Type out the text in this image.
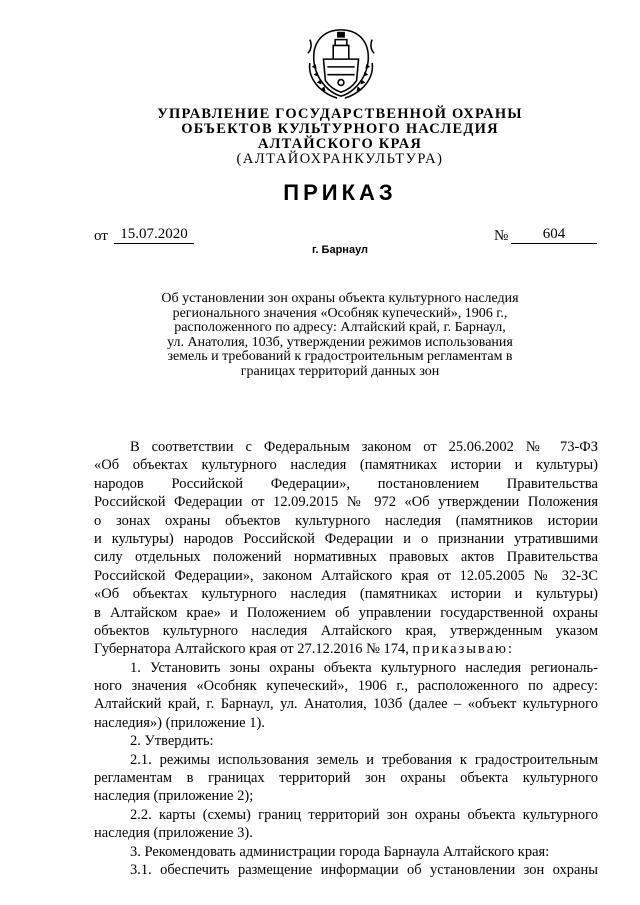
УПРАВЛЕНИЕ ГОСУДАРСТВЕННОЙ ОХРАНЫ
ОБЪЕКТОВ КУЛЬТУРНОГО НАСЛЕДИЯ
АЛТАЙСКОГО КРАЯ
(АЛТАЙОХРАНКУЛЬТУРА)
ПРИКАЗ
от 15.07.2020	№	604
г. Барнаул
Об установлении зон охраны объекта культурного наследия
регионального значения «Особняк купеческий», 1906 г.,
расположенного по адресу: Алтайский край, г. Барнаул,
ул. Анатолия, 103б, утверждении режимов использования
земель и требований к градостроительным регламентам в
границах территорий данных зон
В соответствии с Федеральным законом от 25.06.2002 № 73-ФЗ
«Об объектах культурного наследия (памятниках истории и культуры)
народов Российской Федерации», постановлением Правительства
Российской Федерации от 12.09.2015 № 972 «Об утверждении Положения
о зонах охраны объектов культурного наследия (памятников истории
и культуры) народов Российской Федерации и о признании утратившими
силу отдельных положений нормативных правовых актов Правительства
Российской Федерации», законом Алтайского края от 12.05.2005 № 32-ЗС
«Об объектах культурного наследия (памятниках истории и культуры)
в Алтайском крае» и Положением об управлении государственной охраны
объектов культурного наследия Алтайского края, утвержденным указом
Губернатора Алтайского края от 27.12.2016 № 174, приказываю:
1. Установить зоны охраны объекта культурного наследия региональ-
ного значения «Особняк купеческий», 1906 г., расположенного по адресу:
Алтайский край, г. Барнаул, ул. Анатолия, 103б (далее – «объект культурного
наследия») (приложение 1).
2. Утвердить:
2.1. режимы использования земель и требования к градостроительным
регламентам в границах территорий зон охраны объекта культурного
наследия (приложение 2);
2.2. карты (схемы) границ территорий зон охраны объекта культурного
наследия (приложение 3).
3. Рекомендовать администрации города Барнаула Алтайского края:
3.1. обеспечить размещение информации об установлении зон охраны
